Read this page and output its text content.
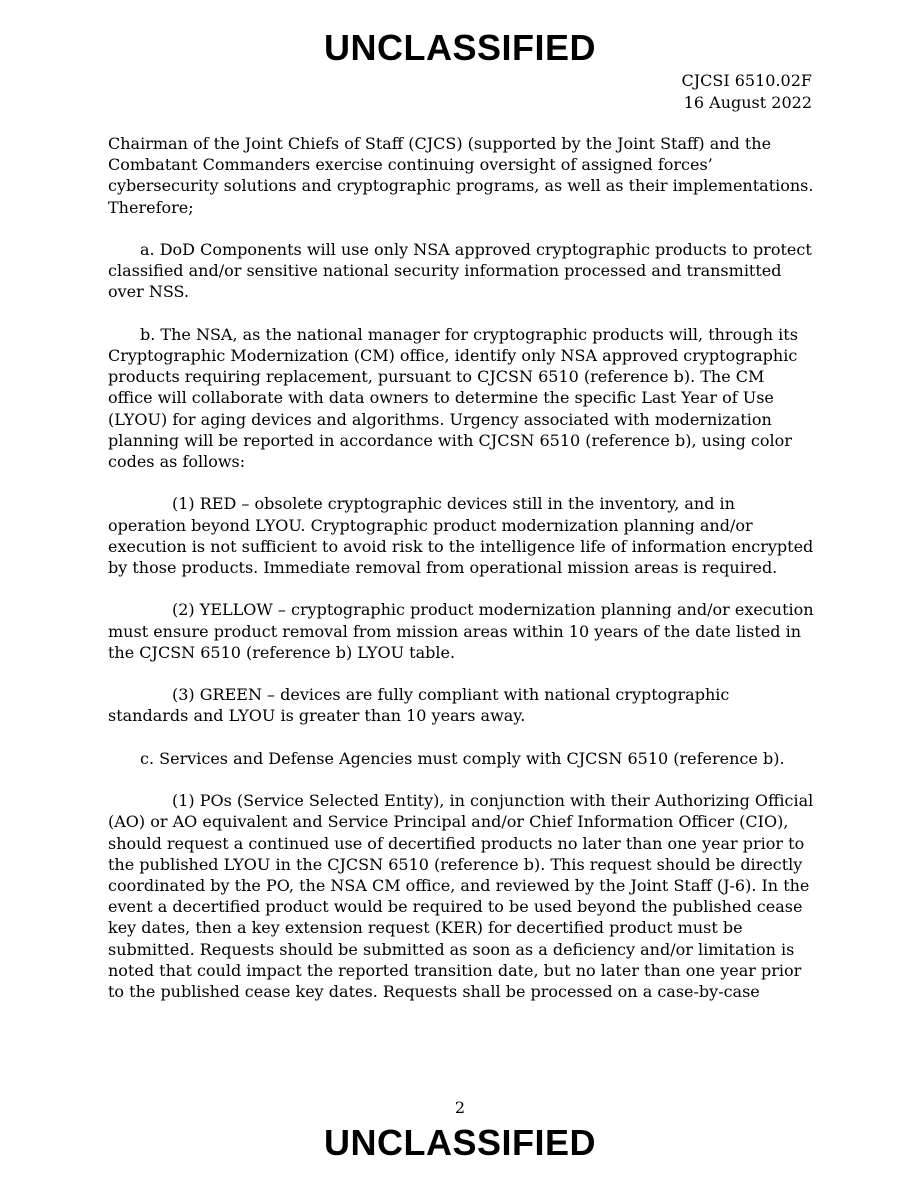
UNCLASSIFIED
CJCSI 6510.02F
16 August 2022

Chairman of the Joint Chiefs of Staff (CJCS) (supported by the Joint Staff) and the Combatant Commanders exercise continuing oversight of assigned forces’ cybersecurity solutions and cryptographic programs, as well as their implementations. Therefore;

a. DoD Components will use only NSA approved cryptographic products to protect classified and/or sensitive national security information processed and transmitted over NSS.

b. The NSA, as the national manager for cryptographic products will, through its Cryptographic Modernization (CM) office, identify only NSA approved cryptographic products requiring replacement, pursuant to CJCSN 6510 (reference b). The CM office will collaborate with data owners to determine the specific Last Year of Use (LYOU) for aging devices and algorithms. Urgency associated with modernization planning will be reported in accordance with CJCSN 6510 (reference b), using color codes as follows:

(1) RED – obsolete cryptographic devices still in the inventory, and in operation beyond LYOU. Cryptographic product modernization planning and/or execution is not sufficient to avoid risk to the intelligence life of information encrypted by those products. Immediate removal from operational mission areas is required.

(2) YELLOW – cryptographic product modernization planning and/or execution must ensure product removal from mission areas within 10 years of the date listed in the CJCSN 6510 (reference b) LYOU table.

(3) GREEN – devices are fully compliant with national cryptographic standards and LYOU is greater than 10 years away.

c. Services and Defense Agencies must comply with CJCSN 6510 (reference b).

(1) POs (Service Selected Entity), in conjunction with their Authorizing Official (AO) or AO equivalent and Service Principal and/or Chief Information Officer (CIO), should request a continued use of decertified products no later than one year prior to the published LYOU in the CJCSN 6510 (reference b). This request should be directly coordinated by the PO, the NSA CM office, and reviewed by the Joint Staff (J-6). In the event a decertified product would be required to be used beyond the published cease key dates, then a key extension request (KER) for decertified product must be submitted. Requests should be submitted as soon as a deficiency and/or limitation is noted that could impact the reported transition date, but no later than one year prior to the published cease key dates. Requests shall be processed on a case-by-case

2
UNCLASSIFIED
